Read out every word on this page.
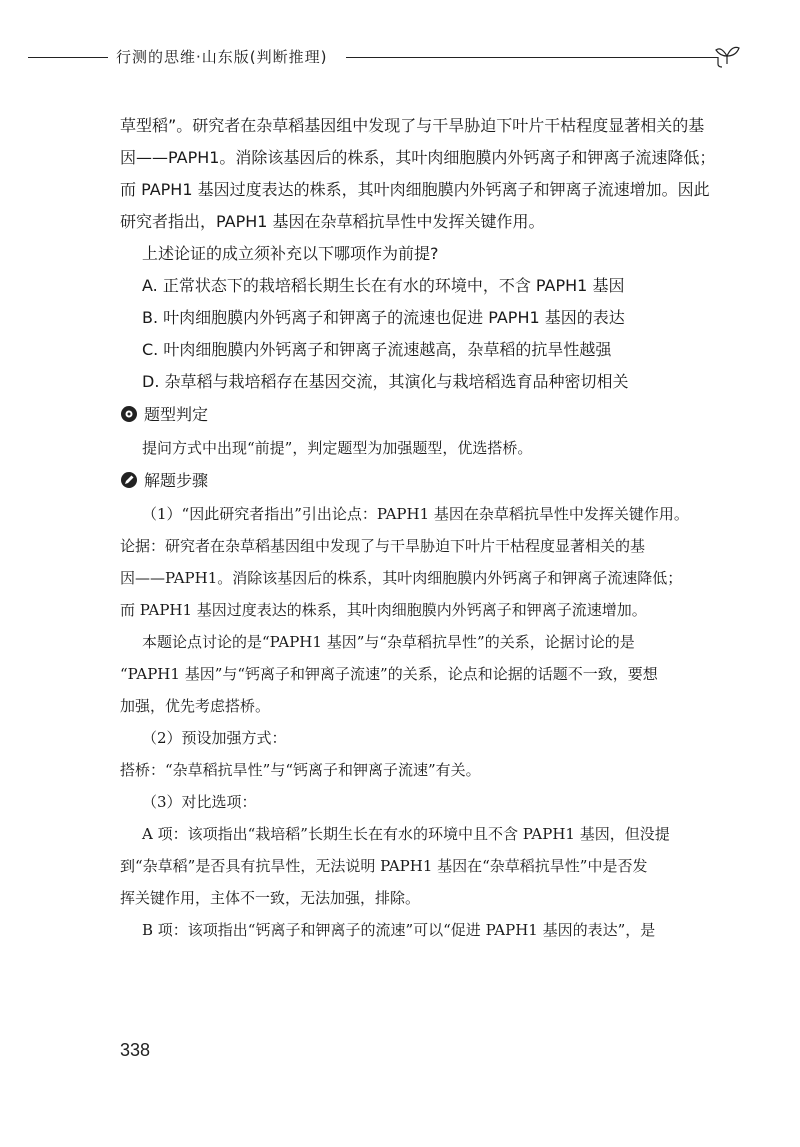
行测的思维·山东版(判断推理)

草型稻”。研究者在杂草稻基因组中发现了与干旱胁迫下叶片干枯程度显著相关的基

因——PAPH1。消除该基因后的株系，其叶肉细胞膜内外钙离子和钾离子流速降低；

而 PAPH1 基因过度表达的株系，其叶肉细胞膜内外钙离子和钾离子流速增加。因此

研究者指出，PAPH1 基因在杂草稻抗旱性中发挥关键作用。

上述论证的成立须补充以下哪项作为前提?

A. 正常状态下的栽培稻长期生长在有水的环境中，不含 PAPH1 基因

B. 叶肉细胞膜内外钙离子和钾离子的流速也促进 PAPH1 基因的表达

C. 叶肉细胞膜内外钙离子和钾离子流速越高，杂草稻的抗旱性越强

D. 杂草稻与栽培稻存在基因交流，其演化与栽培稻选育品种密切相关

题型判定

提问方式中出现“前提”，判定题型为加强题型，优选搭桥。

解题步骤

（1）“因此研究者指出”引出论点：PAPH1 基因在杂草稻抗旱性中发挥关键作用。

论据：研究者在杂草稻基因组中发现了与干旱胁迫下叶片干枯程度显著相关的基

因——PAPH1。消除该基因后的株系，其叶肉细胞膜内外钙离子和钾离子流速降低；

而 PAPH1 基因过度表达的株系，其叶肉细胞膜内外钙离子和钾离子流速增加。

本题论点讨论的是“PAPH1 基因”与“杂草稻抗旱性”的关系，论据讨论的是

“PAPH1 基因”与“钙离子和钾离子流速”的关系，论点和论据的话题不一致，要想

加强，优先考虑搭桥。

（2）预设加强方式：

搭桥：“杂草稻抗旱性”与“钙离子和钾离子流速”有关。

（3）对比选项：

A 项：该项指出“栽培稻”长期生长在有水的环境中且不含 PAPH1 基因，但没提

到“杂草稻”是否具有抗旱性，无法说明 PAPH1 基因在“杂草稻抗旱性”中是否发

挥关键作用，主体不一致，无法加强，排除。

B 项：该项指出“钙离子和钾离子的流速”可以“促进 PAPH1 基因的表达”，是

338
